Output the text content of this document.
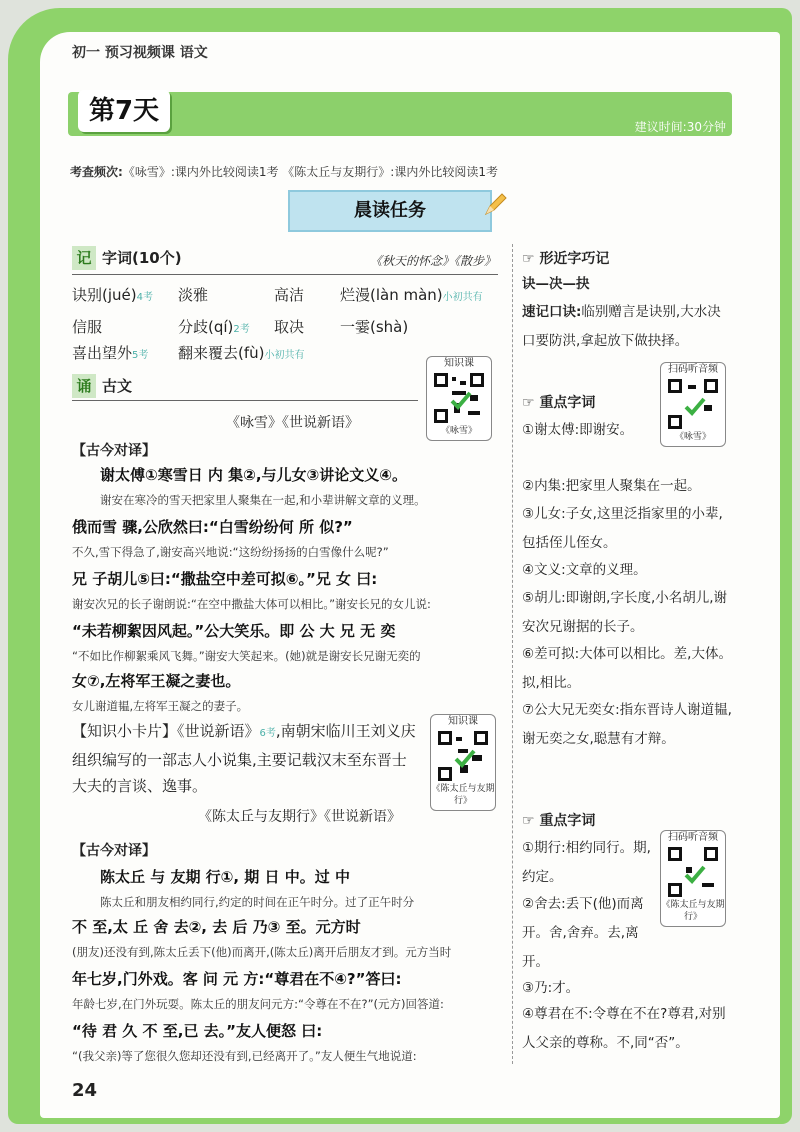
初一 预习视频课 语文
第7天
建议时间:30分钟
考查频次:《咏雪》:课内外比较阅读1考 《陈太丘与友期行》:课内外比较阅读1考
晨读任务
记 字词(10个)	《秋天的怀念》《散步》
诀别(jué)4考 淡雅	高洁 烂漫(làn màn)小初共有
信服	分歧(qí)2考 取决 一霎(shà)
喜出望外5考 翻来覆去(fù)小初共有
诵 古文
知识课
《咏雪》
《咏雪》《世说新语》
【古今对译】
谢太傅①寒雪日 内 集②,与儿女③讲论文义④。
谢安在寒冷的雪天把家里人聚集在一起,和小辈讲解文章的义理。
俄而雪 骤,公欣然曰:“白雪纷纷何 所 似?”
不久,雪下得急了,谢安高兴地说:“这纷纷扬扬的白雪像什么呢?”
兄 子胡儿⑤曰:“撒盐空中差可拟⑥。”兄 女 曰:
谢安次兄的长子谢朗说:“在空中撒盐大体可以相比。”谢安长兄的女儿说:
“未若柳絮因风起。”公大笑乐。即 公 大 兄 无 奕
“不如比作柳絮乘风飞舞。”谢安大笑起来。(她)就是谢安长兄谢无奕的
女⑦,左将军王凝之妻也。
女儿谢道韫,左将军王凝之的妻子。
【知识小卡片】《世说新语》6考,南朝宋临川王刘义庆
组织编写的一部志人小说集,主要记载汉末至东晋士
大夫的言谈、逸事。
知识课
《陈太丘与友期行》
《陈太丘与友期行》《世说新语》
【古今对译】
陈太丘 与 友期 行①, 期 日 中。过 中
陈太丘和朋友相约同行,约定的时间在正午时分。过了正午时分
不 至,太 丘 舍 去②, 去 后 乃③ 至。元方时
(朋友)还没有到,陈太丘丢下(他)而离开,(陈太丘)离开后朋友才到。元方当时
年七岁,门外戏。客 问 元 方:“尊君在不④?”答曰:
年龄七岁,在门外玩耍。陈太丘的朋友问元方:“令尊在不在?”(元方)回答道:
“待 君 久 不 至,已 去。”友人便怒 曰:
“(我父亲)等了您很久您却还没有到,已经离开了。”友人便生气地说道:
☞ 形近字巧记
诀—决—抉
速记口诀:临别赠言是诀别,大水决口要防洪,拿起放下做抉择。
扫码听音频
《咏雪》
☞ 重点字词
①谢太傅:即谢安。
②内集:把家里人聚集在一起。
③儿女:子女,这里泛指家里的小辈,包括侄儿侄女。
④文义:文章的义理。
⑤胡儿:即谢朗,字长度,小名胡儿,谢安次兄谢据的长子。
⑥差可拟:大体可以相比。差,大体。拟,相比。
⑦公大兄无奕女:指东晋诗人谢道韫,谢无奕之女,聪慧有才辩。
☞ 重点字词
扫码听音频
《陈太丘与友期行》
①期行:相约同行。期,约定。
②舍去:丢下(他)而离开。舍,舍弃。去,离开。
③乃:才。
④尊君在不:令尊在不在?尊君,对别人父亲的尊称。不,同“否”。
24
